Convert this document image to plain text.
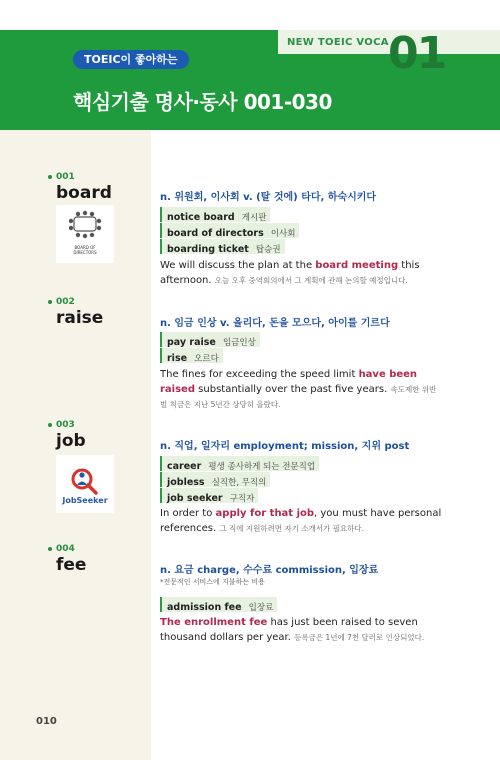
NEW TOEIC VOCA 01
TOEIC이 좋아하는
핵심기출 명사·동사 001-030
001
board
BOARD OF
DIRECTORS
n. 위원회, 이사회 v. (탈 것에) 타다, 하숙시키다
notice board 게시판
board of directors 이사회
boarding ticket 탑승권
We will discuss the plan at the board meeting this afternoon. 오늘 오후 중역회의에서 그 계획에 관해 논의할 예정입니다.
002
raise	n. 임금 인상 v. 올리다, 돈을 모으다, 아이를 기르다
pay raise 임금인상
rise 오르다
The fines for exceeding the speed limit have been raised substantially over the past five years. 속도제한 위반 벌 칙금은 지난 5년간 상당히 올랐다.
003
job
JobSeeker
n. 직업, 일자리 employment; mission, 지위 post
career 평생 종사하게 되는 전문직업
jobless 실직한, 무직의
job seeker 구직자
In order to apply for that job, you must have personal references. 그 직에 지원하려면 자기 소개서가 필요하다.
004
fee	n. 요금 charge, 수수료 commission, 입장료
*전문적인 서비스에 지불하는 비용
admission fee 입장료
The enrollment fee has just been raised to seven thousand dollars per year. 등록금은 1년에 7천 달러로 인상되었다.
010
